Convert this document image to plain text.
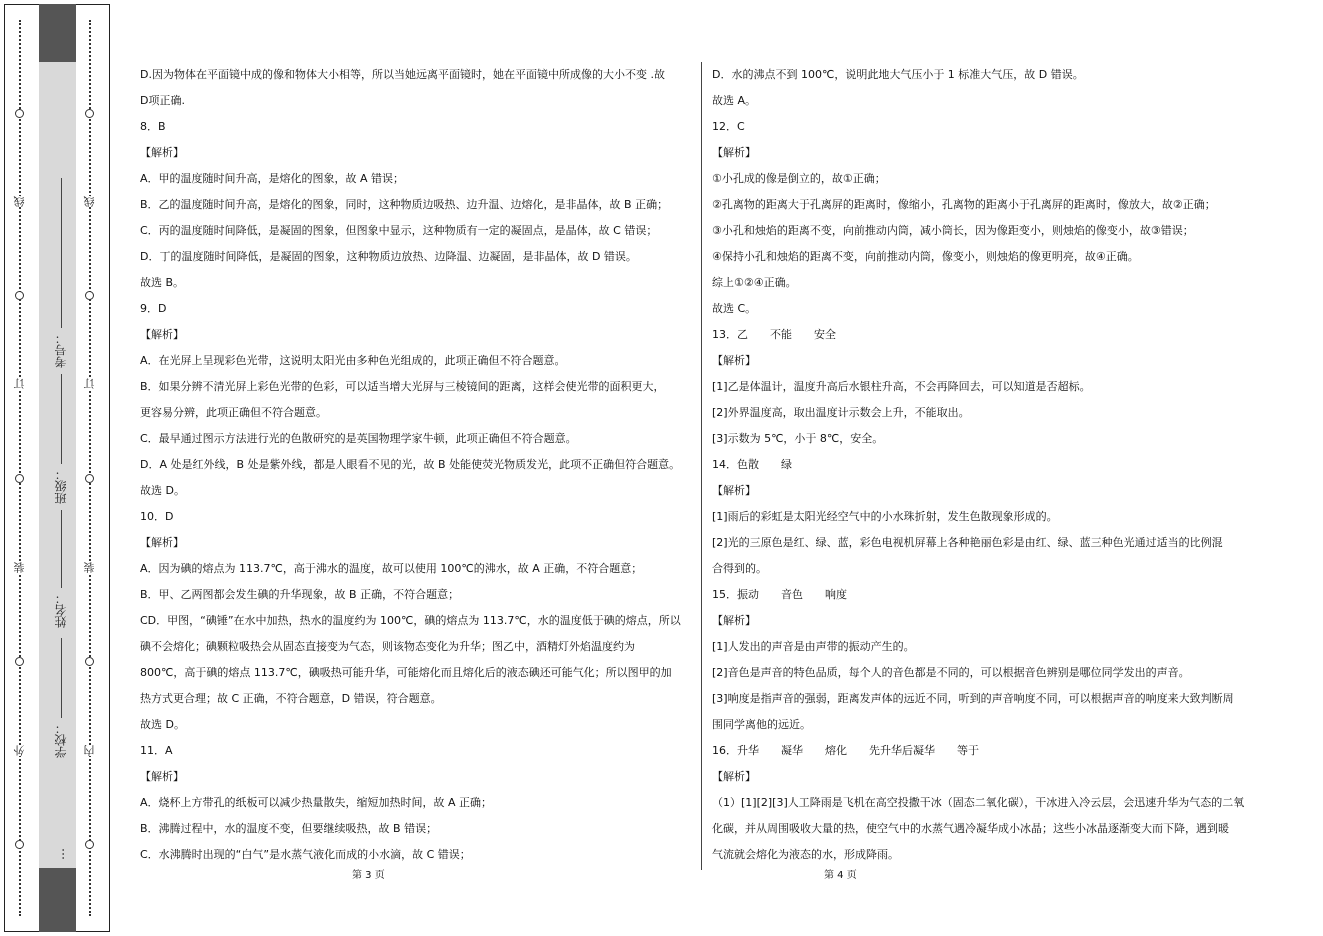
线
订
装
外
线
订
装
内
考号：
班级：
姓名：
学校：
…

D.因为物体在平面镜中成的像和物体大小相等，所以当她远离平面镜时，她在平面镜中所成像的大小不变 .故

D项正确.

8．B

【解析】

A．甲的温度随时间升高，是熔化的图象，故 A 错误；

B．乙的温度随时间升高，是熔化的图象，同时，这种物质边吸热、边升温、边熔化，是非晶体，故 B 正确；

C．丙的温度随时间降低，是凝固的图象，但图象中显示，这种物质有一定的凝固点，是晶体，故 C 错误；

D．丁的温度随时间降低，是凝固的图象，这种物质边放热、边降温、边凝固，是非晶体，故 D 错误。

故选 B。

9．D

【解析】

A．在光屏上呈现彩色光带，这说明太阳光由多种色光组成的，此项正确但不符合题意。

B．如果分辨不清光屏上彩色光带的色彩，可以适当增大光屏与三棱镜间的距离，这样会使光带的面积更大，

更容易分辨，此项正确但不符合题意。

C．最早通过图示方法进行光的色散研究的是英国物理学家牛顿，此项正确但不符合题意。

D．A 处是红外线，B 处是紫外线，都是人眼看不见的光，故 B 处能使荧光物质发光，此项不正确但符合题意。

故选 D。

10．D

【解析】

A．因为碘的熔点为 113.7℃，高于沸水的温度，故可以使用 100℃的沸水，故 A 正确，不符合题意；

B．甲、乙两图都会发生碘的升华现象，故 B 正确，不符合题意；

CD．甲图，“碘锤”在水中加热，热水的温度约为 100℃，碘的熔点为 113.7℃，水的温度低于碘的熔点，所以

碘不会熔化；碘颗粒吸热会从固态直接变为气态，则该物态变化为升华；图乙中，酒精灯外焰温度约为

800℃，高于碘的熔点 113.7℃，碘吸热可能升华，可能熔化而且熔化后的液态碘还可能气化；所以图甲的加

热方式更合理；故 C 正确，不符合题意，D 错误，符合题意。

故选 D。

11．A

【解析】

A．烧杯上方带孔的纸板可以减少热量散失，缩短加热时间，故 A 正确；

B．沸腾过程中，水的温度不变，但要继续吸热，故 B 错误；

C．水沸腾时出现的“白气”是水蒸气液化而成的小水滴，故 C 错误；

D．水的沸点不到 100℃，说明此地大气压小于 1 标准大气压，故 D 错误。

故选 A。

12．C

【解析】

①小孔成的像是倒立的，故①正确；

②孔离物的距离大于孔离屏的距离时，像缩小，孔离物的距离小于孔离屏的距离时，像放大，故②正确；

③小孔和烛焰的距离不变，向前推动内筒，减小筒长，因为像距变小，则烛焰的像变小，故③错误；

④保持小孔和烛焰的距离不变，向前推动内筒，像变小，则烛焰的像更明亮，故④正确。

综上①②④正确。

故选 C。

13．乙　　不能　　安全

【解析】

[1]乙是体温计，温度升高后水银柱升高，不会再降回去，可以知道是否超标。

[2]外界温度高，取出温度计示数会上升，不能取出。

[3]示数为 5℃，小于 8℃，安全。

14．色散　　绿

【解析】

[1]雨后的彩虹是太阳光经空气中的小水珠折射，发生色散现象形成的。

[2]光的三原色是红、绿、蓝，彩色电视机屏幕上各种艳丽色彩是由红、绿、蓝三种色光通过适当的比例混

合得到的。

15．振动　　音色　　响度

【解析】

[1]人发出的声音是由声带的振动产生的。

[2]音色是声音的特色品质，每个人的音色都是不同的，可以根据音色辨别是哪位同学发出的声音。

[3]响度是指声音的强弱，距离发声体的远近不同，听到的声音响度不同，可以根据声音的响度来大致判断周

围同学离他的远近。

16．升华　　凝华　　熔化　　先升华后凝华　　等于

【解析】

（1）[1][2][3]人工降雨是飞机在高空投撒干冰（固态二氧化碳），干冰进入冷云层，会迅速升华为气态的二氧

化碳，并从周围吸收大量的热，使空气中的水蒸气遇冷凝华成小冰晶；这些小冰晶逐渐变大而下降，遇到暖

气流就会熔化为液态的水，形成降雨。

第 3 页	第 4 页
